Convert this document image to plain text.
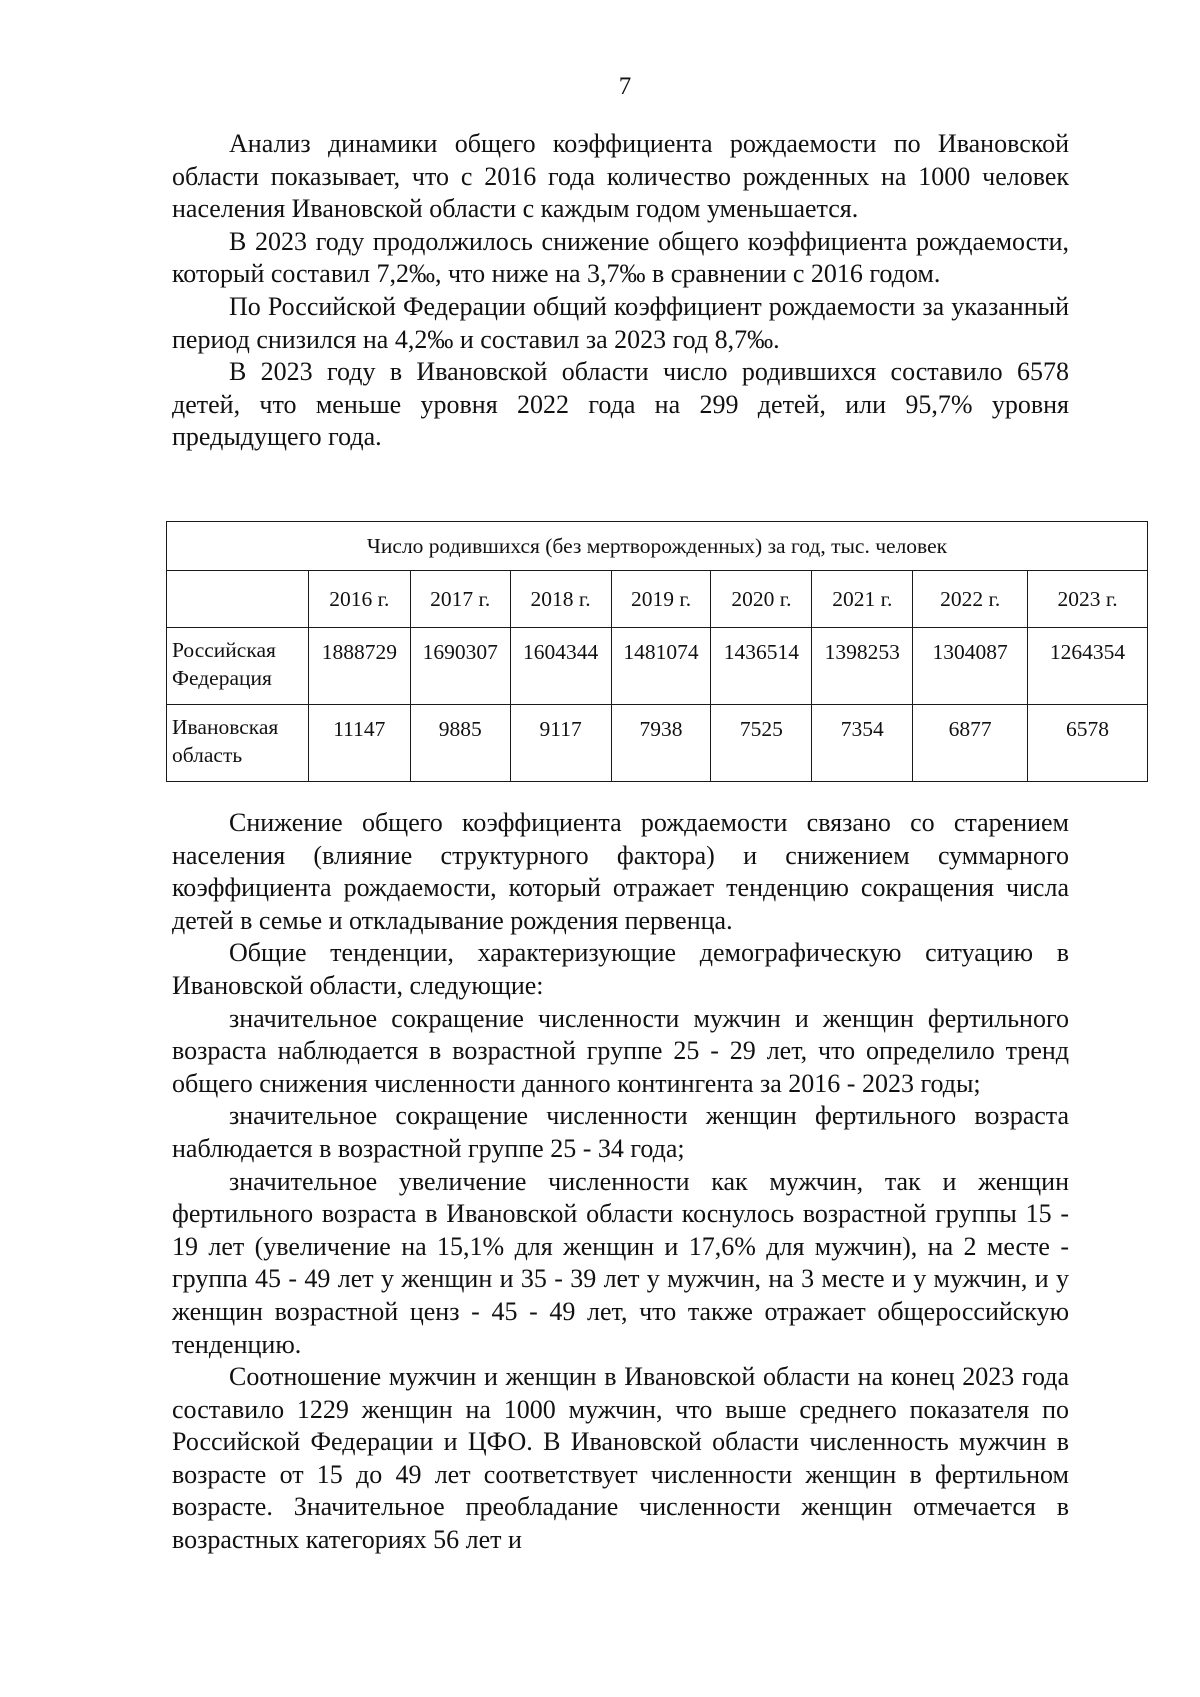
7

Анализ динамики общего коэффициента рождаемости по Ивановской области показывает, что с 2016 года количество рожденных на 1000 человек населения Ивановской области с каждым годом уменьшается.

В 2023 году продолжилось снижение общего коэффициента рождаемости, который составил 7,2‰, что ниже на 3,7‰ в сравнении с 2016 годом.

По Российской Федерации общий коэффициент рождаемости за указанный период снизился на 4,2‰ и составил за 2023 год 8,7‰.

В 2023 году в Ивановской области число родившихся составило 6578 детей, что меньше уровня 2022 года на 299 детей, или 95,7% уровня предыдущего года.

Число родившихся (без мертворожденных) за год, тыс. человек								
	2016 г.	2017 г.	2018 г.	2019 г.	2020 г.	2021 г.	2022 г.	2023 г.
Российская Федерация	1888729	1690307	1604344	1481074	1436514	1398253	1304087	1264354
Ивановская область	11147	9885	9117	7938	7525	7354	6877	6578

Снижение общего коэффициента рождаемости связано со старением населения (влияние структурного фактора) и снижением суммарного коэффициента рождаемости, который отражает тенденцию сокращения числа детей в семье и откладывание рождения первенца.

Общие тенденции, характеризующие демографическую ситуацию в Ивановской области, следующие:

значительное сокращение численности мужчин и женщин фертильного возраста наблюдается в возрастной группе 25 - 29 лет, что определило тренд общего снижения численности данного контингента за 2016 - 2023 годы;

значительное сокращение численности женщин фертильного возраста наблюдается в возрастной группе 25 - 34 года;

значительное увеличение численности как мужчин, так и женщин фертильного возраста в Ивановской области коснулось возрастной группы 15 - 19 лет (увеличение на 15,1% для женщин и 17,6% для мужчин), на 2 месте - группа 45 - 49 лет у женщин и 35 - 39 лет у мужчин, на 3 месте и у мужчин, и у женщин возрастной ценз - 45 - 49 лет, что также отражает общероссийскую тенденцию.

Соотношение мужчин и женщин в Ивановской области на конец 2023 года составило 1229 женщин на 1000 мужчин, что выше среднего показателя по Российской Федерации и ЦФО. В Ивановской области численность мужчин в возрасте от 15 до 49 лет соответствует численности женщин в фертильном возрасте. Значительное преобладание численности женщин отмечается в возрастных категориях 56 лет и
